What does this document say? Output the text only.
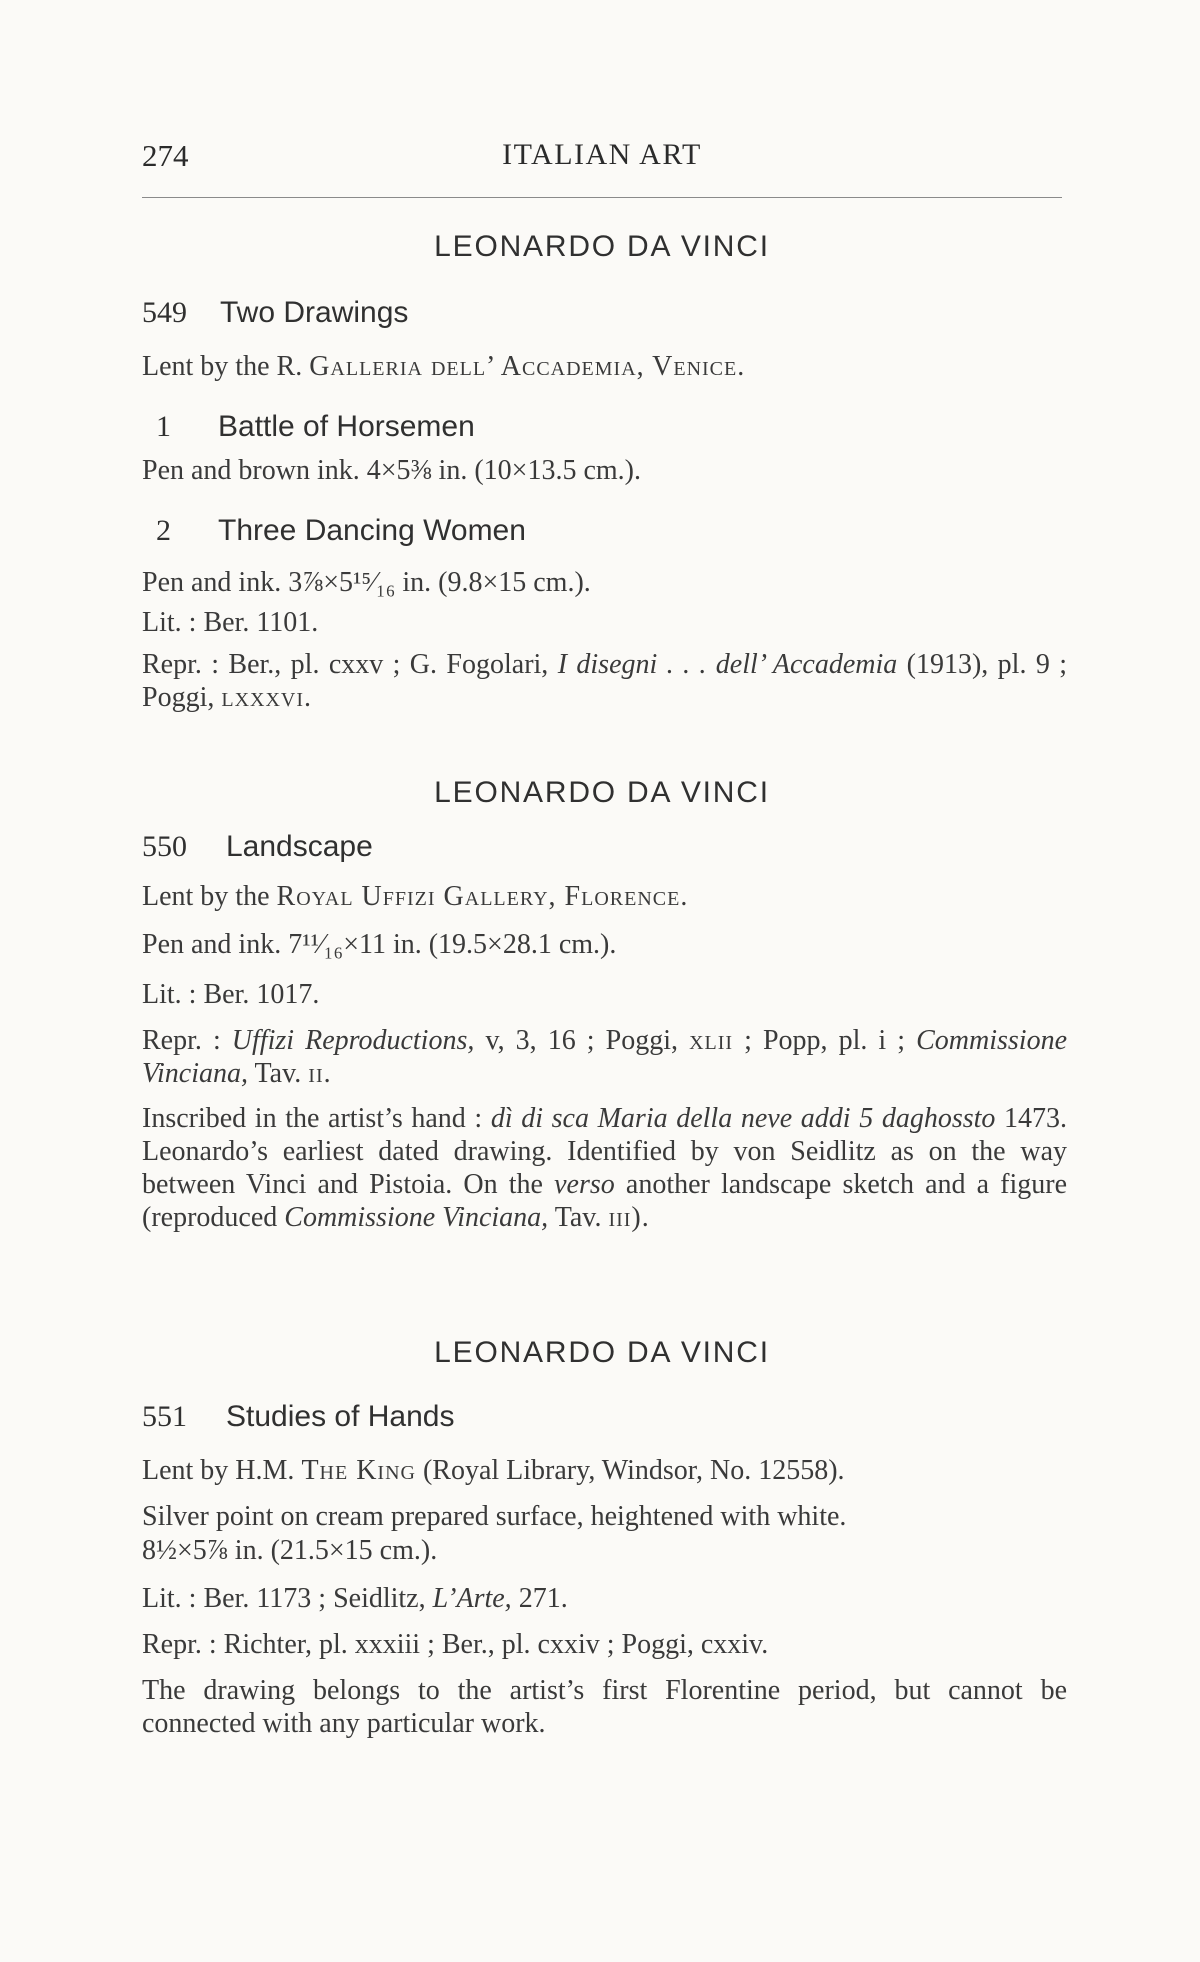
274	ITALIAN ART
LEONARDO DA VINCI
549 Two Drawings
Lent by the R. Galleria dell’ Accademia, Venice.
1 Battle of Horsemen
Pen and brown ink. 4×5⅜ in. (10×13.5 cm.).
2 Three Dancing Women
Pen and ink. 3⅞×5¹⁵⁄₁₆ in. (9.8×15 cm.).
Lit. : Ber. 1101.
Repr. : Ber., pl. cxxv ; G. Fogolari, I disegni . . . dell’ Accademia (1913), pl. 9 ; Poggi, lxxxvi.
LEONARDO DA VINCI
550 Landscape
Lent by the Royal Uffizi Gallery, Florence.
Pen and ink. 7¹¹⁄₁₆×11 in. (19.5×28.1 cm.).
Lit. : Ber. 1017.
Repr. : Uffizi Reproductions, v, 3, 16 ; Poggi, xlii ; Popp, pl. i ; Commissione Vinciana, Tav. ii.
Inscribed in the artist’s hand : dì di sca Maria della neve addi 5 daghossto 1473. Leonardo’s earliest dated drawing. Identified by von Seidlitz as on the way between Vinci and Pistoia. On the verso another landscape sketch and a figure (reproduced Commissione Vinciana, Tav. iii).
LEONARDO DA VINCI
551 Studies of Hands
Lent by H.M. The King (Royal Library, Windsor, No. 12558).
Silver point on cream prepared surface, heightened with white.
8½×5⅞ in. (21.5×15 cm.).
Lit. : Ber. 1173 ; Seidlitz, L’Arte, 271.
Repr. : Richter, pl. xxxiii ; Ber., pl. cxxiv ; Poggi, cxxiv.
The drawing belongs to the artist’s first Florentine period, but cannot be connected with any particular work.
